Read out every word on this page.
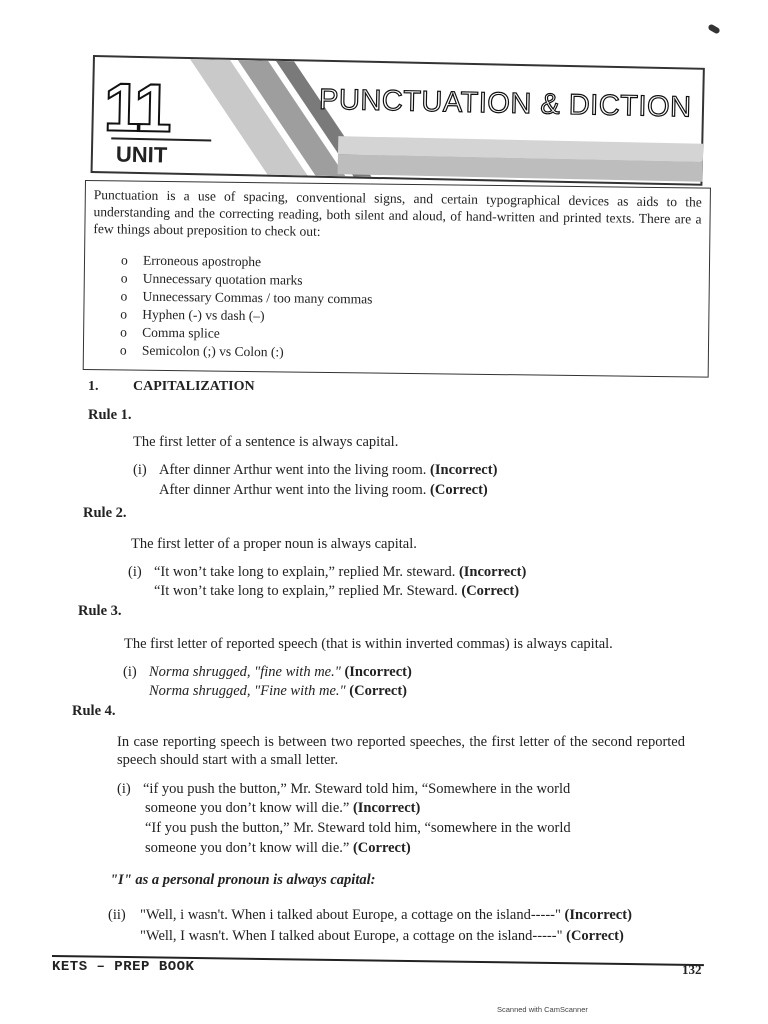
11
UNIT
PUNCTUATION & DICTION

Punctuation is a use of spacing, conventional signs, and certain typographical devices as aids to the understanding and the correcting reading, both silent and aloud, of hand-written and printed texts. There are a few things about preposition to check out:

o	Erroneous apostrophe
o	Unnecessary quotation marks
o	Unnecessary Commas / too many commas
o	Hyphen (-) vs dash (–)
o	Comma splice
o	Semicolon (;) vs Colon (:)
1. CAPITALIZATION
Rule 1.
The first letter of a sentence is always capital.
(i) After dinner Arthur went into the living room. (Incorrect)
After dinner Arthur went into the living room. (Correct)
Rule 2.
The first letter of a proper noun is always capital.
(i) “It won’t take long to explain,” replied Mr. steward. (Incorrect)
“It won’t take long to explain,” replied Mr. Steward. (Correct)
Rule 3.
The first letter of reported speech (that is within inverted commas) is always capital.
(i) Norma shrugged, "fine with me." (Incorrect)
Norma shrugged, "Fine with me." (Correct)
Rule 4.
In case reporting speech is between two reported speeches, the first letter of the second reported speech should start with a small letter.
(i) “if you push the button,” Mr. Steward told him, “Somewhere in the world
someone you don’t know will die.” (Incorrect)
“If you push the button,” Mr. Steward told him, “somewhere in the world
someone you don’t know will die.” (Correct)
"I" as a personal pronoun is always capital:
(ii) "Well, i wasn't. When i talked about Europe, a cottage on the island-----" (Incorrect)
"Well, I wasn't. When I talked about Europe, a cottage on the island-----" (Correct)
KETS – PREP BOOK	132
Scanned with CamScanner
